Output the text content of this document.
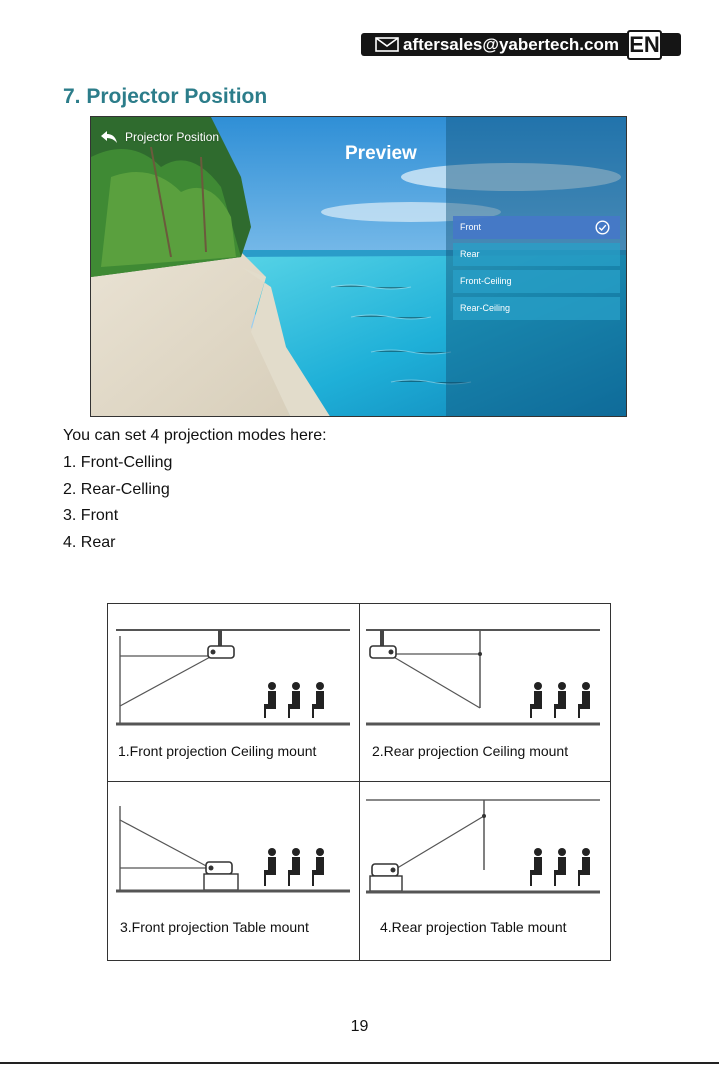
aftersales@yabertech.com EN
7. Projector Position
Projector Position
Preview
Front
Rear
Front-Ceiling
Rear-Ceiling
You can set 4 projection modes here:
1. Front-Celling
2. Rear-Celling
3. Front
4. Rear
1.Front projection Ceiling mount	2.Rear projection Ceiling mount
3.Front projection Table mount	4.Rear projection Table mount
19
